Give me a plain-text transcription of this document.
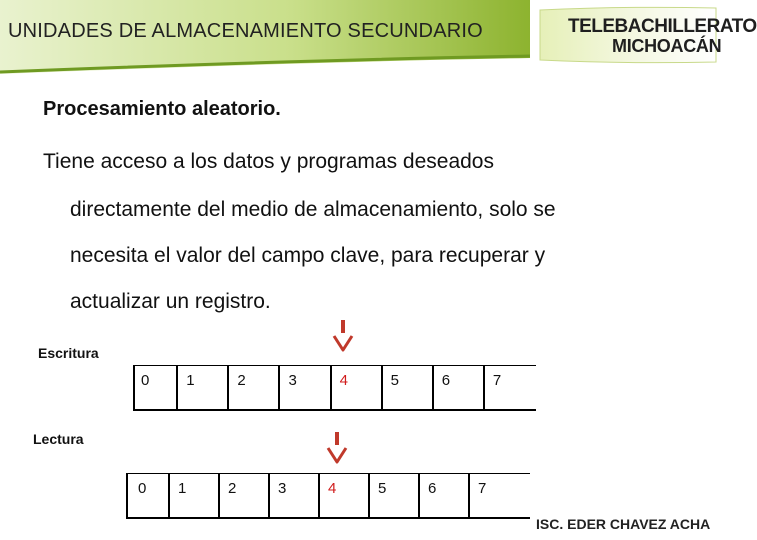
UNIDADES DE ALMACENAMIENTO SECUNDARIO	TELEBACHILLERATO
MICHOACÁN
Procesamiento aleatorio.
Tiene acceso a los datos y programas deseados
directamente del medio de almacenamiento, solo se
necesita el valor del campo clave, para recuperar y
actualizar un registro.
Escritura
0	1	2	3	4	5	6	7
Lectura
0	1	2	3	4	5	6	7
ISC. EDER CHAVEZ ACHA
